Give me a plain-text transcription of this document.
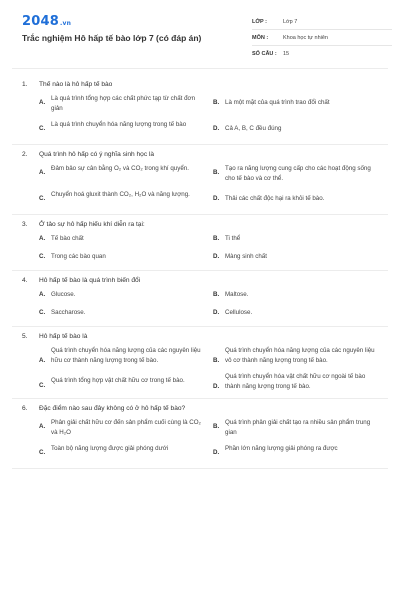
2048.vn
Trắc nghiệm Hô hấp tế bào lớp 7 (có đáp án)
LỚP :	Lớp 7
MÔN :	Khoa học tự nhiên
SỐ CÂU :	15
1.	Thế nào là hô hấp tế bào
A.
Là quá trình tổng hợp các chất phức tạp từ chất đơn giản
B. Là một mặt của quá trình trao đổi chất
C.
Là quá trình chuyển hóa năng lượng trong tế bào
D. Cả A, B, C đều đúng
2.	Quá trình hô hấp có ý nghĩa sinh học là
A.
Đảm bảo sự cân bằng O₂ và CO₂ trong khí quyển.
B.
Tạo ra năng lượng cung cấp cho các hoạt động sống cho tế bào và cơ thể.
C.
Chuyển hoá gluxit thành CO₂, H₂O và năng lượng.
D. Thải các chất độc hại ra khỏi tế bào.
3.	Ở tảo sự hô hấp hiếu khí diễn ra tại:
A. Tế bào chất	B. Ti thể
C. Trong các bào quan	D. Màng sinh chất
4.	Hô hấp tế bào là quá trình biến đổi
A. Glucose.	B. Maltose.
C. Saccharose.	D. Cellulose.
5.	Hô hấp tế bào là
A.
Quá trình chuyển hóa năng lượng của các nguyên liệu hữu cơ thành năng lượng trong tế bào.	B.
Quá trình chuyển hóa năng lượng của các nguyên liệu vô cơ thành năng lượng trong tế bào.
C.
Quá trình tổng hợp vật chất hữu cơ trong tế bào.
D.
Quá trình chuyển hóa vật chất hữu cơ ngoài tế bào thành năng lượng trong tế bào.
6.	Đặc điểm nào sau đây không có ở hô hấp tế bào?
A.
Phân giải chất hữu cơ đến sản phẩm cuối cùng là CO₂ và H₂O
B.
Quá trình phân giải chất tạo ra nhiều sản phẩm trung gian
C.
Toàn bộ năng lượng được giải phóng dưới
D.
Phần lớn năng lượng giải phóng ra được
